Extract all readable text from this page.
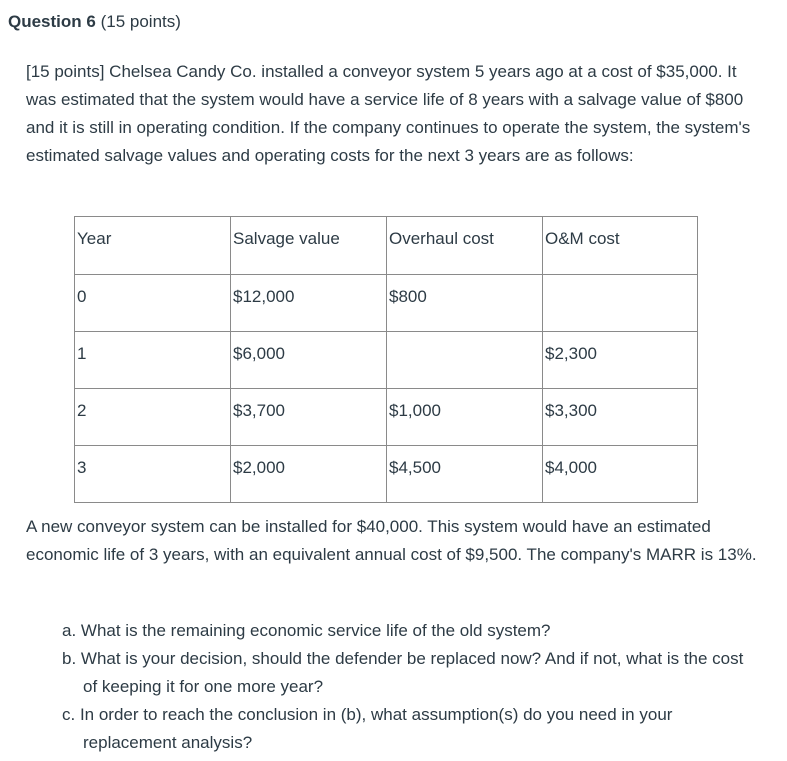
Question 6 (15 points)

[15 points] Chelsea Candy Co. installed a conveyor system 5 years ago at a cost of $35,000. It was estimated that the system would have a service life of 8 years with a salvage value of $800 and it is still in operating condition. If the company continues to operate the system, the system's estimated salvage values and operating costs for the next 3 years are as follows:

Year	Salvage value	Overhaul cost	O&M cost
0	$12,000	$800	
1	$6,000		$2,300
2	$3,700	$1,000	$3,300
3	$2,000	$4,500	$4,000

A new conveyor system can be installed for $40,000. This system would have an estimated economic life of 3 years, with an equivalent annual cost of $9,500. The company's MARR is 13%.

a. What is the remaining economic service life of the old system?
b. What is your decision, should the defender be replaced now? And if not, what is the cost of keeping it for one more year?
c. In order to reach the conclusion in (b), what assumption(s) do you need in your replacement analysis?
